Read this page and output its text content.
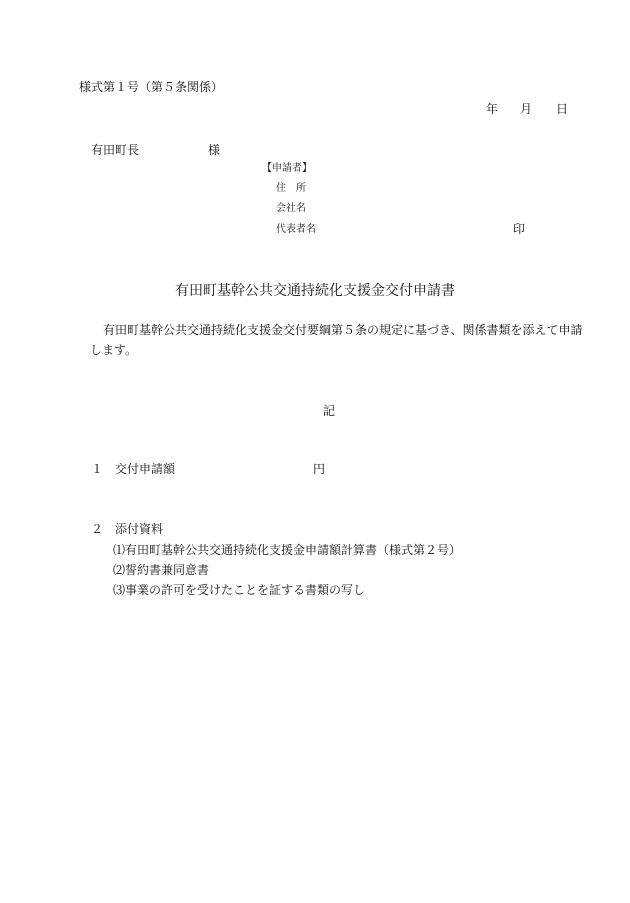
様式第１号（第５条関係）
年 月 日
有田町長	様
【申請者】
住　所
会社名
代表者名	印
有田町基幹公共交通持続化支援金交付申請書
有田町基幹公共交通持続化支援金交付要綱第５条の規定に基づき、関係書類を添えて申請
します。
記
１ 交付申請額	円
２ 添付資料
⑴有田町基幹公共交通持続化支援金申請額計算書（様式第２号）
⑵誓約書兼同意書
⑶事業の許可を受けたことを証する書類の写し
